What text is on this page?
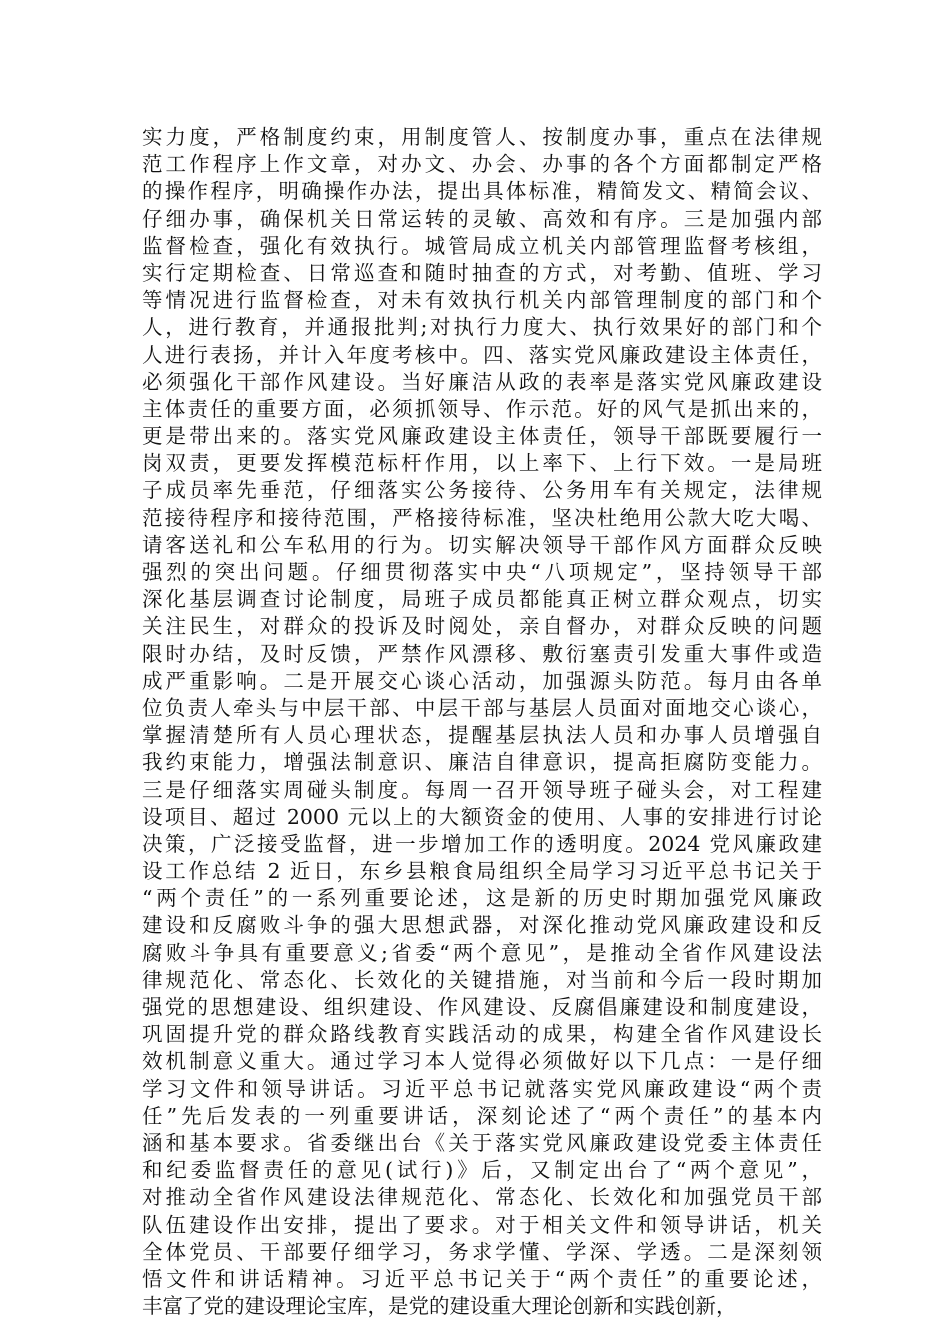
实力度，严格制度约束，用制度管人、按制度办事，重点在法律规
范工作程序上作文章，对办文、办会、办事的各个方面都制定严格
的操作程序，明确操作办法，提出具体标准，精简发文、精简会议、
仔细办事，确保机关日常运转的灵敏、高效和有序。三是加强内部
监督检查，强化有效执行。城管局成立机关内部管理监督考核组，
实行定期检查、日常巡查和随时抽查的方式，对考勤、值班、学习
等情况进行监督检查，对未有效执行机关内部管理制度的部门和个
人，进行教育，并通报批判;对执行力度大、执行效果好的部门和个
人进行表扬，并计入年度考核中。四、落实党风廉政建设主体责任，
必须强化干部作风建设。当好廉洁从政的表率是落实党风廉政建设
主体责任的重要方面，必须抓领导、作示范。好的风气是抓出来的，
更是带出来的。落实党风廉政建设主体责任，领导干部既要履行一
岗双责，更要发挥模范标杆作用，以上率下、上行下效。一是局班
子成员率先垂范，仔细落实公务接待、公务用车有关规定，法律规
范接待程序和接待范围，严格接待标准，坚决杜绝用公款大吃大喝、
请客送礼和公车私用的行为。切实解决领导干部作风方面群众反映
强烈的突出问题。仔细贯彻落实中央“八项规定”，坚持领导干部
深化基层调查讨论制度，局班子成员都能真正树立群众观点，切实
关注民生，对群众的投诉及时阅处，亲自督办，对群众反映的问题
限时办结，及时反馈，严禁作风漂移、敷衍塞责引发重大事件或造
成严重影响。二是开展交心谈心活动，加强源头防范。每月由各单
位负责人牵头与中层干部、中层干部与基层人员面对面地交心谈心，
掌握清楚所有人员心理状态，提醒基层执法人员和办事人员增强自
我约束能力，增强法制意识、廉洁自律意识，提高拒腐防变能力。
三是仔细落实周碰头制度。每周一召开领导班子碰头会，对工程建
设项目、超过 2000 元以上的大额资金的使用、人事的安排进行讨论
决策，广泛接受监督，进一步增加工作的透明度。2024 党风廉政建
设工作总结 2 近日，东乡县粮食局组织全局学习习近平总书记关于
“两个责任”的一系列重要论述，这是新的历史时期加强党风廉政
建设和反腐败斗争的强大思想武器，对深化推动党风廉政建设和反
腐败斗争具有重要意义;省委“两个意见”，是推动全省作风建设法
律规范化、常态化、长效化的关键措施，对当前和今后一段时期加
强党的思想建设、组织建设、作风建设、反腐倡廉建设和制度建设，
巩固提升党的群众路线教育实践活动的成果，构建全省作风建设长
效机制意义重大。通过学习本人觉得必须做好以下几点：一是仔细
学习文件和领导讲话。习近平总书记就落实党风廉政建设“两个责
任”先后发表的一列重要讲话，深刻论述了“两个责任”的基本内
涵和基本要求。省委继出台《关于落实党风廉政建设党委主体责任
和纪委监督责任的意见(试行)》后，又制定出台了“两个意见”，
对推动全省作风建设法律规范化、常态化、长效化和加强党员干部
队伍建设作出安排，提出了要求。对于相关文件和领导讲话，机关
全体党员、干部要仔细学习，务求学懂、学深、学透。二是深刻领
悟文件和讲话精神。习近平总书记关于“两个责任”的重要论述，
丰富了党的建设理论宝库，是党的建设重大理论创新和实践创新，
